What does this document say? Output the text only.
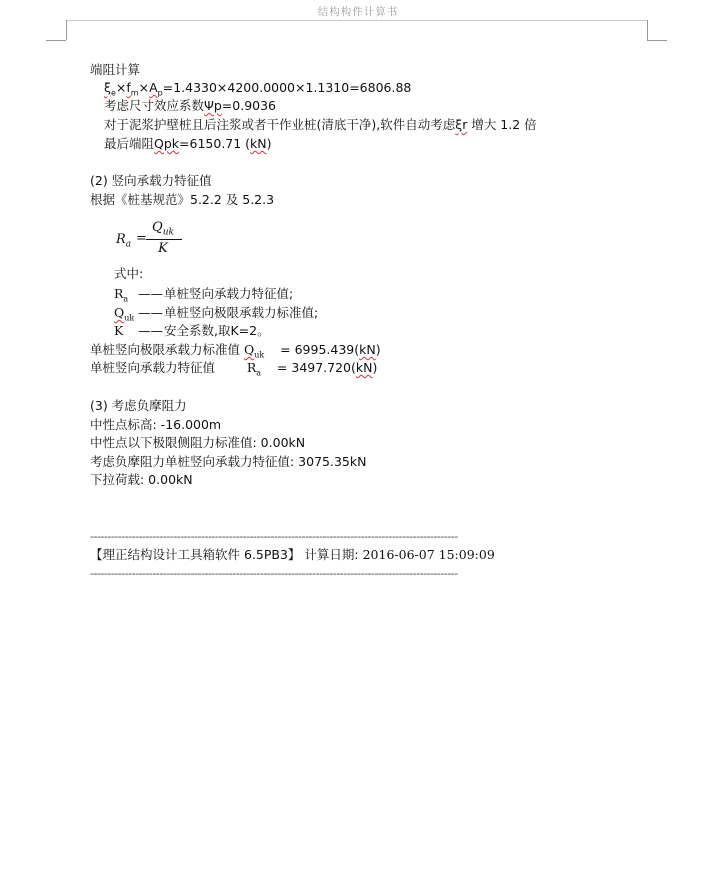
结构构件计算书
端阻计算
$\xi_e\times f_m\times A_p=1.4330\times 4200.0000\times 1.1310=6806.88$
考虑尺寸效应系数Ψp=0.9036
对于泥浆护壁桩且后注浆或者干作业桩(清底干净),软件自动考虑ξr 增大 1.2 倍
最后端阻Qpk=6150.71 (kN)
(2) 竖向承载力特征值
根据《桩基规范》5.2.2 及 5.2.3
$R_a$ =
$Q_{uk}$
K
式中:
$R_a$ ——单桩竖向承载力特征值;
$Q_{uk}$ ——单桩竖向极限承载力标准值;
K ——安全系数,取K=2。
单桩竖向极限承载力标准值 $Q_{uk} = 6995.439(kN)$
单桩竖向承载力特征值	$R_a = 3497.720(kN)$
(3) 考虑负摩阻力
中性点标高: -16.000m
中性点以下极限侧阻力标准值: 0.00kN
考虑负摩阻力单桩竖向承载力特征值: 3075.35kN
下拉荷载: 0.00kN
----------------------------------------------------------------------------------------------------------
【理正结构设计工具箱软件 6.5PB3】 计算日期: 2016-06-07 15:09:09
----------------------------------------------------------------------------------------------------------
